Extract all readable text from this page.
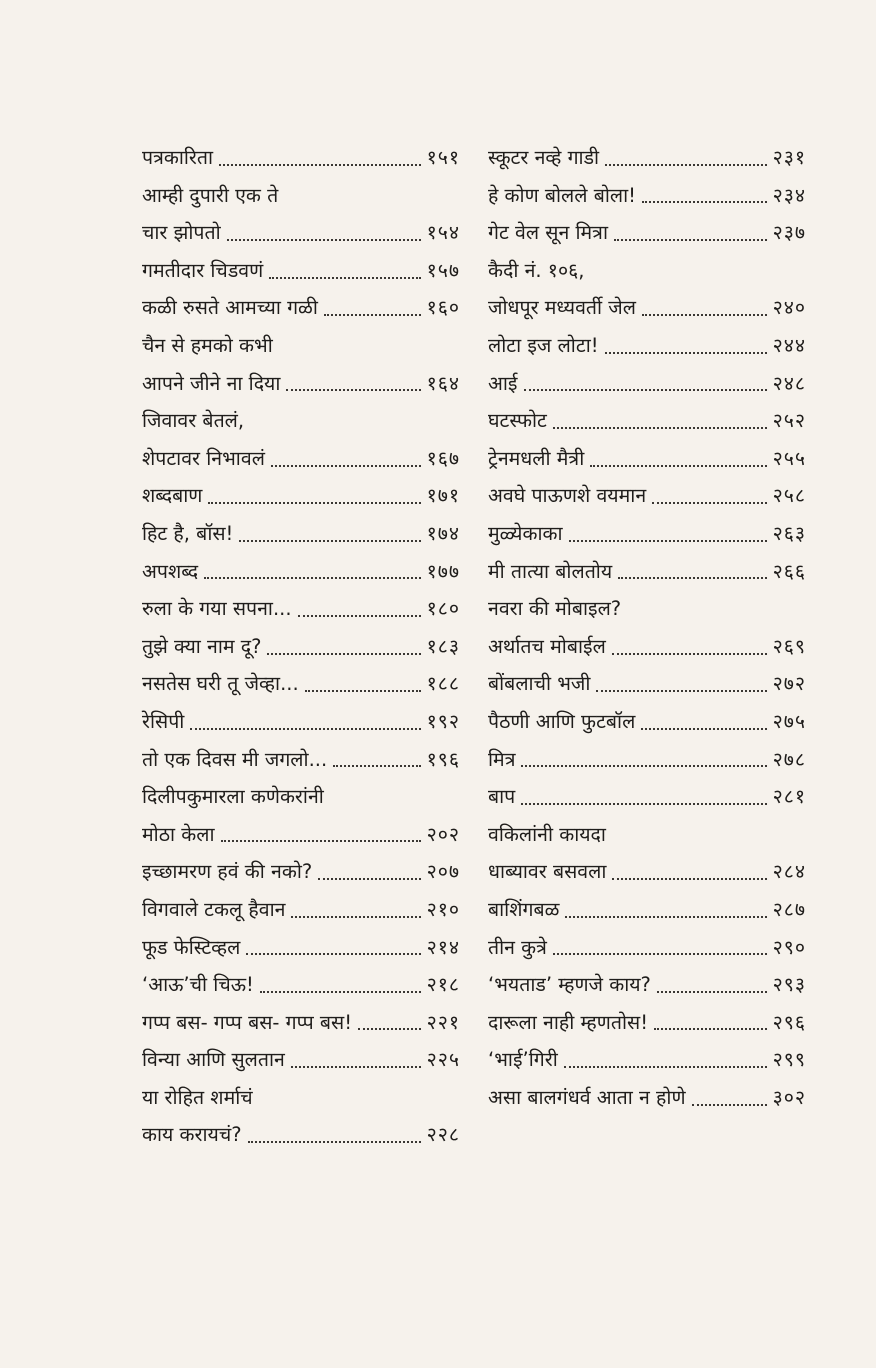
पत्रकारिता	१५१
आम्ही दुपारी एक ते
चार झोपतो	१५४
गमतीदार चिडवणं	१५७
कळी रुसते आमच्या गळी	१६०
चैन से हमको कभी
आपने जीने ना दिया	१६४
जिवावर बेतलं,
शेपटावर निभावलं	१६७
शब्दबाण	१७१
हिट है, बॉस!	१७४
अपशब्द	१७७
रुला के गया सपना...	१८०
तुझे क्या नाम दू?	१८३
नसतेस घरी तू जेव्हा...	१८८
रेसिपी	१९२
तो एक दिवस मी जगलो...	१९६
दिलीपकुमारला कणेकरांनी
मोठा केला	२०२
इच्छामरण हवं की नको?	२०७
विगवाले टकलू हैवान	२१०
फूड फेस्टिव्हल	२१४
‘आऊ’ची चिऊ!	२१८
गप्प बस- गप्प बस- गप्प बस!	२२१
विन्या आणि सुलतान	२२५
या रोहित शर्माचं
काय करायचं?	२२८
स्कूटर नव्हे गाडी	२३१
हे कोण बोलले बोला!	२३४
गेट वेल सून मित्रा	२३७
कैदी नं. १०६,
जोधपूर मध्यवर्ती जेल	२४०
लोटा इज लोटा!	२४४
आई	२४८
घटस्फोट	२५२
ट्रेनमधली मैत्री	२५५
अवघे पाऊणशे वयमान	२५८
मुळ्येकाका	२६३
मी तात्या बोलतोय	२६६
नवरा की मोबाइल?
अर्थातच मोबाईल	२६९
बोंबलाची भजी	२७२
पैठणी आणि फुटबॉल	२७५
मित्र	२७८
बाप	२८१
वकिलांनी कायदा
धाब्यावर बसवला	२८४
बाशिंगबळ	२८७
तीन कुत्रे	२९०
‘भयताड’ म्हणजे काय?	२९३
दारूला नाही म्हणतोस!	२९६
‘भाई’गिरी	२९९
असा बालगंधर्व आता न होणे	३०२
